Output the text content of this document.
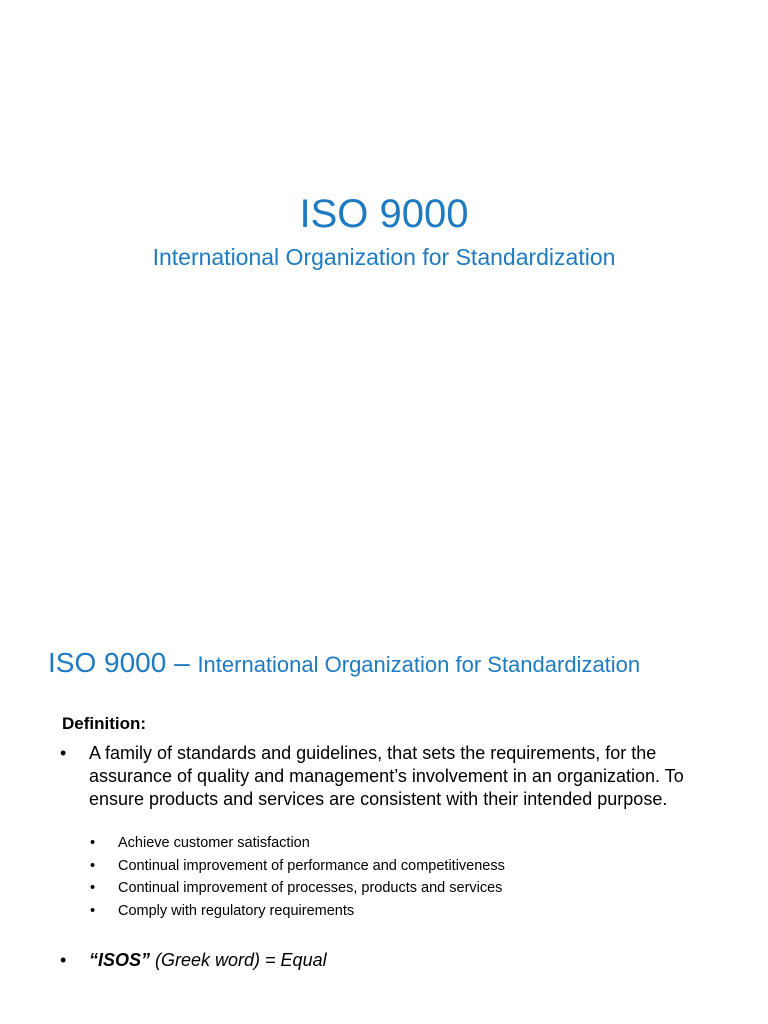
ISO 9000
International Organization for Standardization
ISO 9000 – International Organization for Standardization
Definition:
•	A family of standards and guidelines, that sets the requirements, for the assurance of quality and management’s involvement in an organization. To ensure products and services are consistent with their intended purpose.
•	Achieve customer satisfaction
•	Continual improvement of performance and competitiveness
•	Continual improvement of processes, products and services
•	Comply with regulatory requirements
•	“ISOS” (Greek word) = Equal
